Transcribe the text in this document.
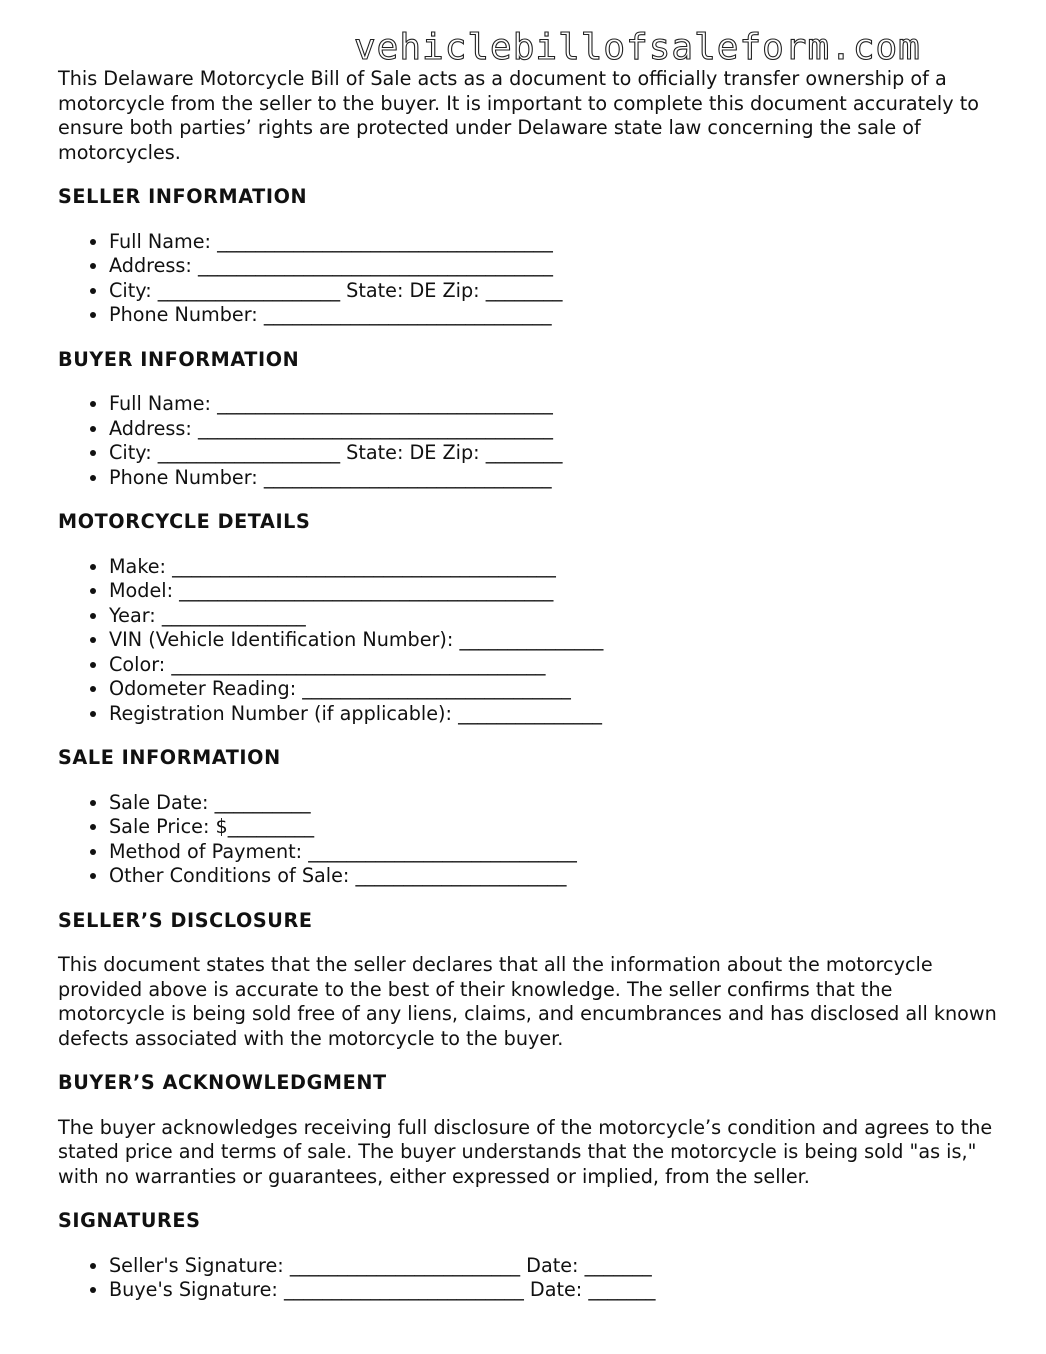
vehiclebillofsaleform.com

This Delaware Motorcycle Bill of Sale acts as a document to officially transfer ownership of a motorcycle from the seller to the buyer. It is important to complete this document accurately to ensure both parties’ rights are protected under Delaware state law concerning the sale of motorcycles.

SELLER INFORMATION
• Full Name: ___________________________________
• Address: _____________________________________
• City: ___________________ State: DE Zip: ________
• Phone Number: ______________________________
BUYER INFORMATION
• Full Name: ___________________________________
• Address: _____________________________________
• City: ___________________ State: DE Zip: ________
• Phone Number: ______________________________
MOTORCYCLE DETAILS
• Make: ________________________________________
• Model: _______________________________________
• Year: _______________
• VIN (Vehicle Identification Number): _______________
• Color: _______________________________________
• Odometer Reading: ____________________________
• Registration Number (if applicable): _______________
SALE INFORMATION
• Sale Date: __________
• Sale Price: $_________
• Method of Payment: ____________________________
• Other Conditions of Sale: ______________________
SELLER’S DISCLOSURE

This document states that the seller declares that all the information about the motorcycle provided above is accurate to the best of their knowledge. The seller confirms that the motorcycle is being sold free of any liens, claims, and encumbrances and has disclosed all known defects associated with the motorcycle to the buyer.

BUYER’S ACKNOWLEDGMENT

The buyer acknowledges receiving full disclosure of the motorcycle’s condition and agrees to the stated price and terms of sale. The buyer understands that the motorcycle is being sold "as is," with no warranties or guarantees, either expressed or implied, from the seller.

SIGNATURES
• Seller's Signature: ________________________ Date: _______
• Buye's Signature: _________________________ Date: _______
